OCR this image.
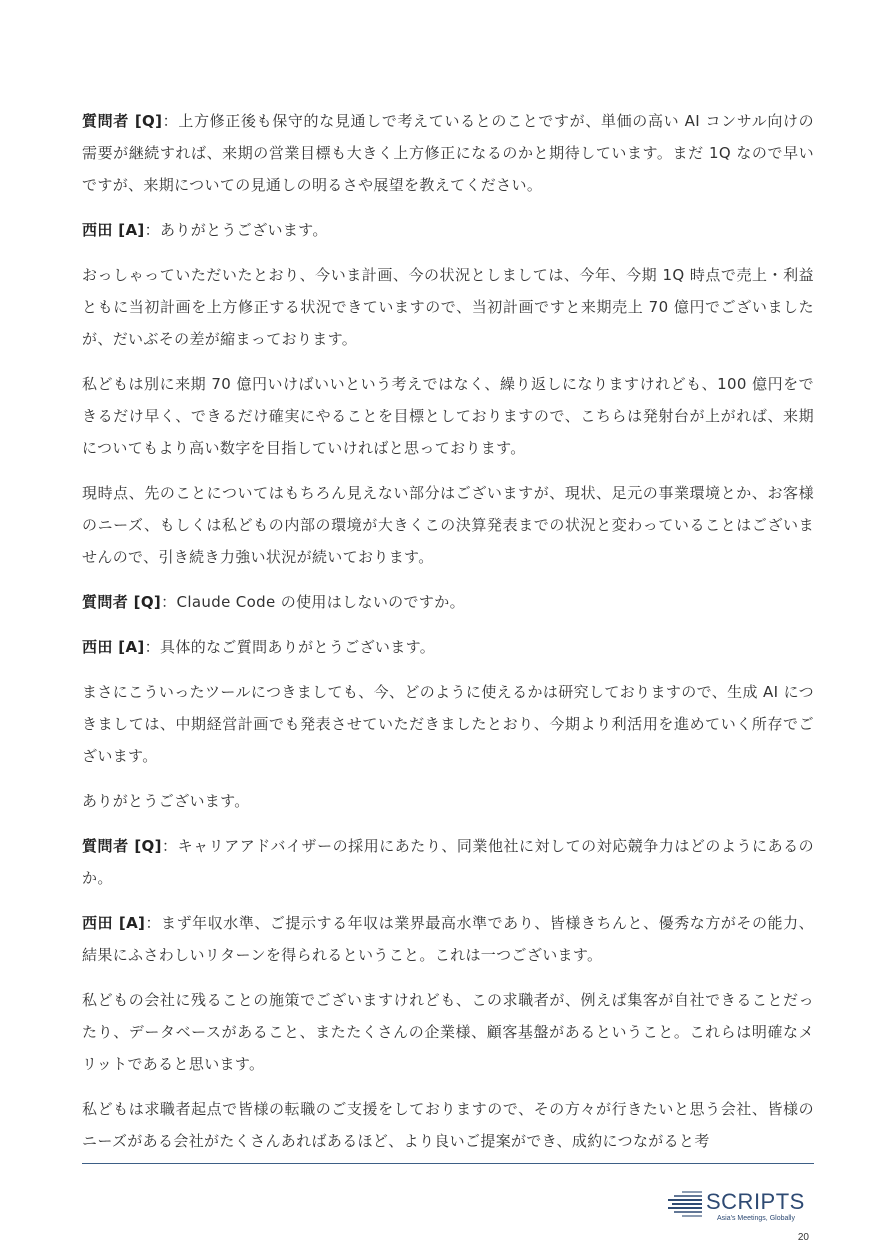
質問者 [Q]：上方修正後も保守的な見通しで考えているとのことですが、単価の高い AI コンサル向けの需要が継続すれば、来期の営業目標も大きく上方修正になるのかと期待しています。まだ 1Q なので早いですが、来期についての見通しの明るさや展望を教えてください。

西田 [A]：ありがとうございます。

おっしゃっていただいたとおり、今いま計画、今の状況としましては、今年、今期 1Q 時点で売上・利益ともに当初計画を上方修正する状況できていますので、当初計画ですと来期売上 70 億円でございましたが、だいぶその差が縮まっております。

私どもは別に来期 70 億円いけばいいという考えではなく、繰り返しになりますけれども、100 億円をできるだけ早く、できるだけ確実にやることを目標としておりますので、こちらは発射台が上がれば、来期についてもより高い数字を目指していければと思っております。

現時点、先のことについてはもちろん見えない部分はございますが、現状、足元の事業環境とか、お客様のニーズ、もしくは私どもの内部の環境が大きくこの決算発表までの状況と変わっていることはございませんので、引き続き力強い状況が続いております。

質問者 [Q]：Claude Code の使用はしないのですか。

西田 [A]：具体的なご質問ありがとうございます。

まさにこういったツールにつきましても、今、どのように使えるかは研究しておりますので、生成 AI につきましては、中期経営計画でも発表させていただきましたとおり、今期より利活用を進めていく所存でございます。

ありがとうございます。

質問者 [Q]：キャリアアドバイザーの採用にあたり、同業他社に対しての対応競争力はどのようにあるのか。

西田 [A]：まず年収水準、ご提示する年収は業界最高水準であり、皆様きちんと、優秀な方がその能力、結果にふさわしいリターンを得られるということ。これは一つございます。

私どもの会社に残ることの施策でございますけれども、この求職者が、例えば集客が自社できることだったり、データベースがあること、またたくさんの企業様、顧客基盤があるということ。これらは明確なメリットであると思います。

私どもは求職者起点で皆様の転職のご支援をしておりますので、その方々が行きたいと思う会社、皆様のニーズがある会社がたくさんあればあるほど、より良いご提案ができ、成約につながると考

SCRIPTS
Asia's Meetings, Globally
20
